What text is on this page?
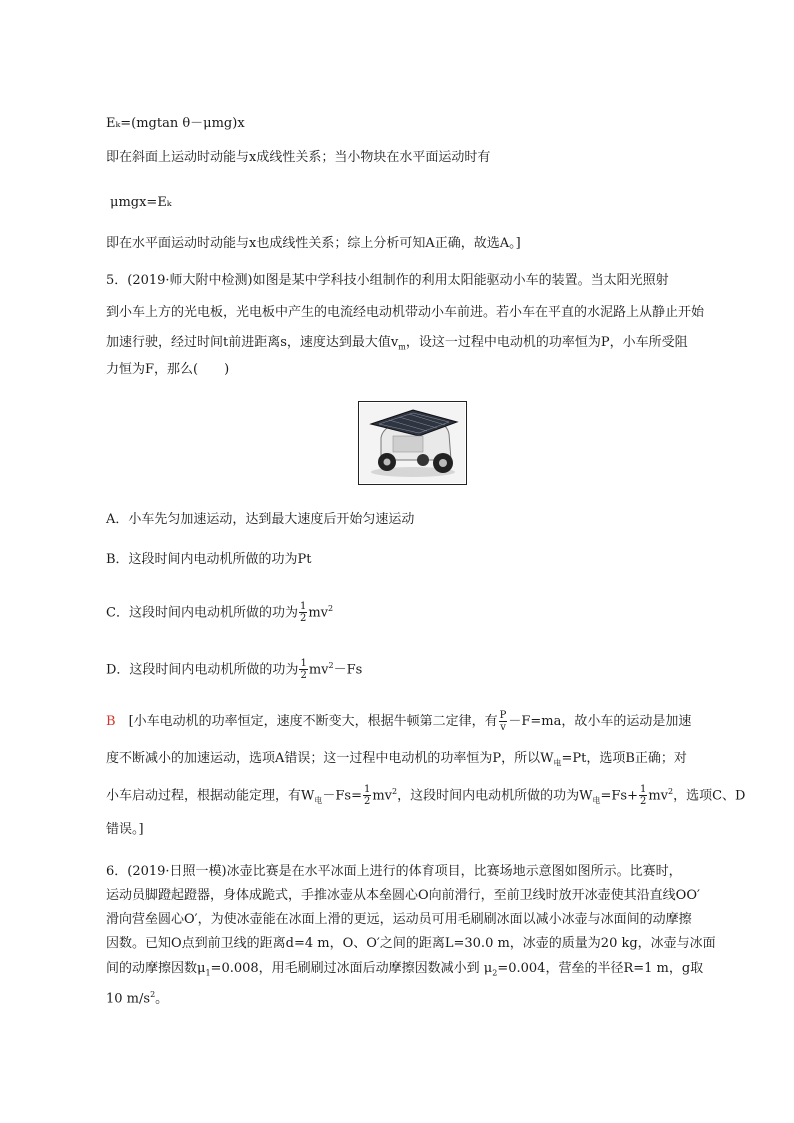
Eₖ=(mgtan θ－μmg)x
即在斜面上运动时动能与x成线性关系；当小物块在水平面运动时有
μmgx=Eₖ
即在水平面运动时动能与x也成线性关系；综上分析可知A正确，故选A。]
5．(2019·师大附中检测)如图是某中学科技小组制作的利用太阳能驱动小车的装置。当太阳光照射
到小车上方的光电板，光电板中产生的电流经电动机带动小车前进。若小车在平直的水泥路上从静止开始
加速行驶，经过时间t前进距离s，速度达到最大值$v_m$，设这一过程中电动机的功率恒为P，小车所受阻
力恒为F，那么(　　)
A．小车先匀加速运动，达到最大速度后开始匀速运动
B．这段时间内电动机所做的功为Pt
C．这段时间内电动机所做的功为 $\frac{1}{2} mv^2$
D．这段时间内电动机所做的功为 $\frac{1}{2} mv^2-Fs$
B　 [小车电动机的功率恒定，速度不断变大，根据牛顿第二定律，有 $\frac{P}{v} -F=ma$，故小车的运动是加速
度不断减小的加速运动，选项A错误；这一过程中电动机的功率恒为P，所以$W_电=Pt$，选项B正确；对
小车启动过程，根据动能定理，有$W_电-Fs= \frac{1}{2} mv^2$，这段时间内电动机所做的功为$W_电=Fs+ \frac{1}{2} mv^2$，选项C、D
错误。]
6．(2019·日照一模)冰壶比赛是在水平冰面上进行的体育项目，比赛场地示意图如图所示。比赛时，
运动员脚蹬起蹬器，身体成跪式，手推冰壶从本垒圆心O向前滑行，至前卫线时放开冰壶使其沿直线OO′
滑向营垒圆心O′，为使冰壶能在冰面上滑的更远，运动员可用毛刷刷冰面以减小冰壶与冰面间的动摩擦
因数。已知O点到前卫线的距离d=4 m，O、O′之间的距离L=30.0 m，冰壶的质量为20 kg，冰壶与冰面
间的动摩擦因数$\mu_1=0.008$，用毛刷刷过冰面后动摩擦因数减小到 $\mu_2=0.004$，营垒的半径R=1 m，g取
10 $m/s^2$。
